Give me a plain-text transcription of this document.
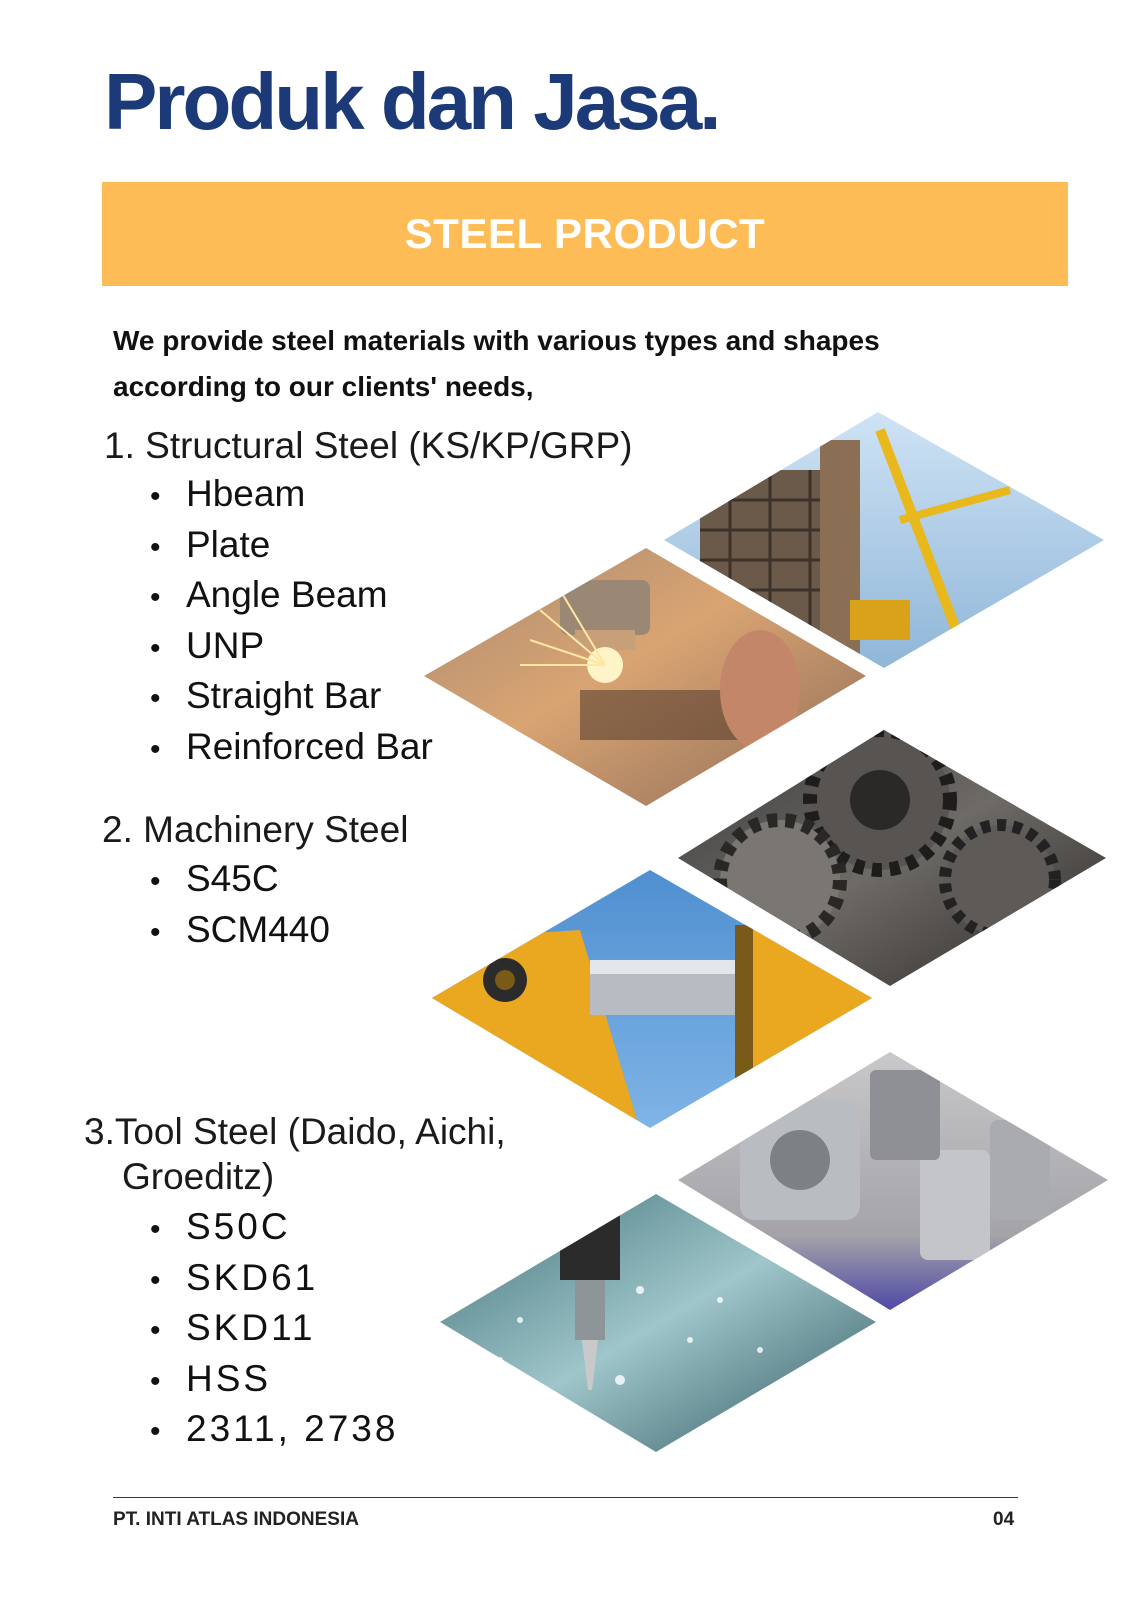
Produk dan Jasa.
STEEL PRODUCT
We provide steel materials with various types and shapes
according to our clients' needs,
1. Structural Steel (KS/KP/GRP)
• Hbeam
• Plate
• Angle Beam
• UNP
• Straight Bar
• Reinforced Bar
2. Machinery Steel
• S45C
• SCM440
3.Tool Steel (Daido, Aichi,
Groeditz)
• S50C
• SKD61
• SKD11
• HSS
• 2311, 2738
PT. INTI ATLAS INDONESIA	04
